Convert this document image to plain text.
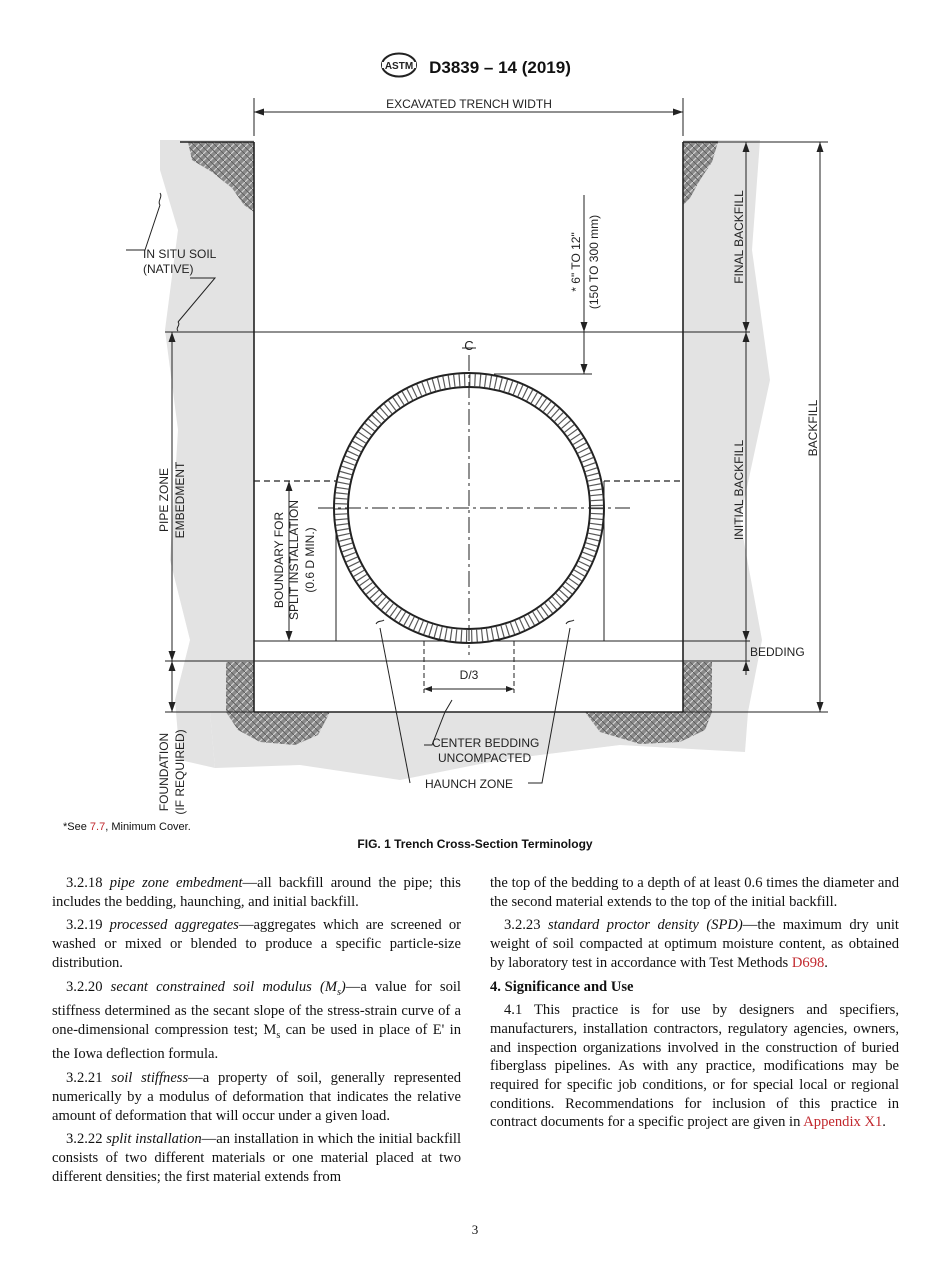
ASTM D3839 – 14 (2019)
C
D/3
EXCAVATED TRENCH WIDTH
FINAL BACKFILL
INITIAL BACKFILL
BACKFILL
BEDDING
* 6" TO 12" (150 TO 300 mm)
PIPE ZONE EMBEDMENT
FOUNDATION (IF REQUIRED)
BOUNDARY FOR SPLIT INSTALLATION (0.6 D MIN.)
IN SITU SOIL
(NATIVE)
CENTER BEDDING
UNCOMPACTED
HAUNCH ZONE
*See 7.7, Minimum Cover.
FIG. 1 Trench Cross-Section Terminology

3.2.18 pipe zone embedment—all backfill around the pipe; this includes the bedding, haunching, and initial backfill.

3.2.19 processed aggregates—aggregates which are screened or washed or mixed or blended to produce a specific particle-size distribution.

3.2.20 secant constrained soil modulus $(M_s)—a$ value for soil stiffness determined as the secant slope of the stress-strain curve of a one-dimensional compression test; $M_s$ can be used in place of E' in the Iowa deflection formula.

3.2.21 soil stiffness—a property of soil, generally represented numerically by a modulus of deformation that indicates the relative amount of deformation that will occur under a given load.

3.2.22 split installation—an installation in which the initial backfill consists of two different materials or one material placed at two different densities; the first material extends from

the top of the bedding to a depth of at least 0.6 times the diameter and the second material extends to the top of the initial backfill.

3.2.23 standard proctor density (SPD)—the maximum dry unit weight of soil compacted at optimum moisture content, as obtained by laboratory test in accordance with Test Methods D698.

4. Significance and Use

4.1 This practice is for use by designers and specifiers, manufacturers, installation contractors, regulatory agencies, owners, and inspection organizations involved in the construction of buried fiberglass pipelines. As with any practice, modifications may be required for specific job conditions, or for special local or regional conditions. Recommendations for inclusion of this practice in contract documents for a specific project are given in Appendix X1.

3
